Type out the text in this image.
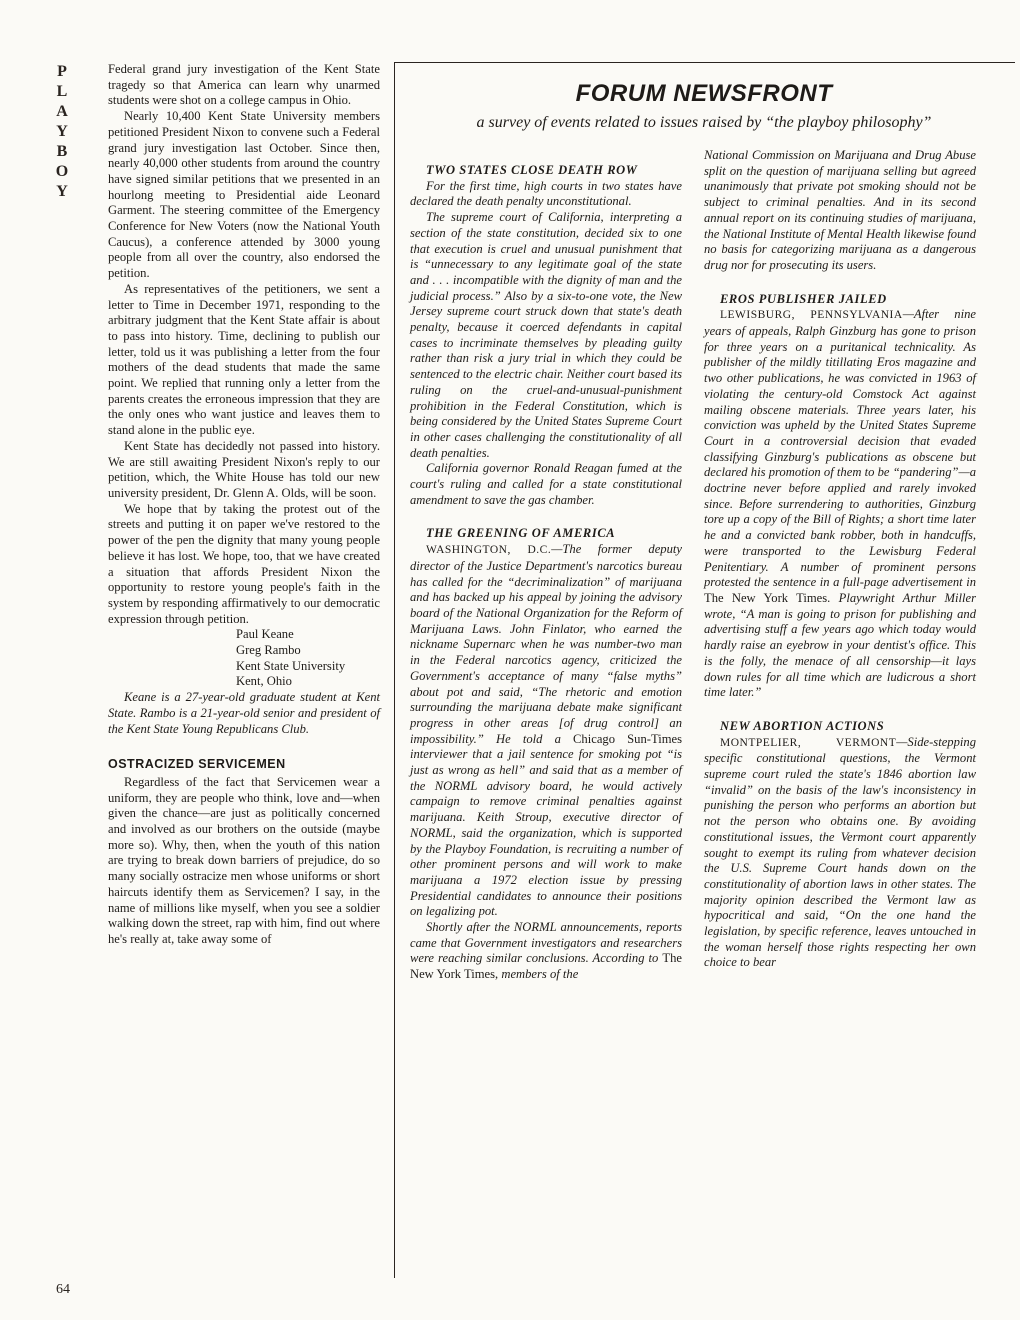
P
L
A
Y
B
O
Y
64

Federal grand jury investigation of the Kent State tragedy so that America can learn why unarmed students were shot on a college campus in Ohio.

Nearly 10,400 Kent State University members petitioned President Nixon to convene such a Federal grand jury investigation last October. Since then, nearly 40,000 other students from around the country have signed similar petitions that we presented in an hourlong meeting to Presidential aide Leonard Garment. The steering committee of the Emergency Conference for New Voters (now the National Youth Caucus), a conference attended by 3000 young people from all over the country, also endorsed the petition.

As representatives of the petitioners, we sent a letter to Time in December 1971, responding to the arbitrary judgment that the Kent State affair is about to pass into history. Time, declining to publish our letter, told us it was publishing a letter from the four mothers of the dead students that made the same point. We replied that running only a letter from the parents creates the erroneous impression that they are the only ones who want justice and leaves them to stand alone in the public eye.

Kent State has decidedly not passed into history. We are still awaiting President Nixon's reply to our petition, which, the White House has told our new university president, Dr. Glenn A. Olds, will be soon.

We hope that by taking the protest out of the streets and putting it on paper we've restored to the power of the pen the dignity that many young people believe it has lost. We hope, too, that we have created a situation that affords President Nixon the opportunity to restore young people's faith in the system by responding affirmatively to our democratic expression through petition.

Paul Keane
Greg Rambo
Kent State University
Kent, Ohio

Keane is a 27-year-old graduate student at Kent State. Rambo is a 21-year-old senior and president of the Kent State Young Republicans Club.

OSTRACIZED SERVICEMEN

Regardless of the fact that Servicemen wear a uniform, they are people who think, love and—when given the chance—are just as politically concerned and involved as our brothers on the outside (maybe more so). Why, then, when the youth of this nation are trying to break down barriers of prejudice, do so many socially ostracize men whose uniforms or short haircuts identify them as Servicemen? I say, in the name of millions like myself, when you see a soldier walking down the street, rap with him, find out where he's really at, take away some of

FORUM NEWSFRONT
a survey of events related to issues raised by “the playboy philosophy”

TWO STATES CLOSE DEATH ROW

For the first time, high courts in two states have declared the death penalty unconstitutional.

The supreme court of California, interpreting a section of the state constitution, decided six to one that execution is cruel and unusual punishment that is “unnecessary to any legitimate goal of the state and . . . incompatible with the dignity of man and the judicial process.” Also by a six-to-one vote, the New Jersey supreme court struck down that state's death penalty, because it coerced defendants in capital cases to incriminate themselves by pleading guilty rather than risk a jury trial in which they could be sentenced to the electric chair. Neither court based its ruling on the cruel-and-unusual-punishment prohibition in the Federal Constitution, which is being considered by the United States Supreme Court in other cases challenging the constitutionality of all death penalties.

California governor Ronald Reagan fumed at the court's ruling and called for a state constitutional amendment to save the gas chamber.

THE GREENING OF AMERICA

WASHINGTON, D.C.—The former deputy director of the Justice Department's narcotics bureau has called for the “decriminalization” of marijuana and has backed up his appeal by joining the advisory board of the National Organization for the Reform of Marijuana Laws. John Finlator, who earned the nickname Supernarc when he was number-two man in the Federal narcotics agency, criticized the Government's acceptance of many “false myths” about pot and said, “The rhetoric and emotion surrounding the marijuana debate make significant progress in other areas [of drug control] an impossibility.” He told a Chicago Sun-Times interviewer that a jail sentence for smoking pot “is just as wrong as hell” and said that as a member of the NORML advisory board, he would actively campaign to remove criminal penalties against marijuana. Keith Stroup, executive director of NORML, said the organization, which is supported by the Playboy Foundation, is recruiting a number of other prominent persons and will work to make marijuana a 1972 election issue by pressing Presidential candidates to announce their positions on legalizing pot.

Shortly after the NORML announcements, reports came that Government investigators and researchers were reaching similar conclusions. According to The New York Times, members of the

National Commission on Marijuana and Drug Abuse split on the question of marijuana selling but agreed unanimously that private pot smoking should not be subject to criminal penalties. And in its second annual report on its continuing studies of marijuana, the National Institute of Mental Health likewise found no basis for categorizing marijuana as a dangerous drug nor for prosecuting its users.

EROS PUBLISHER JAILED

LEWISBURG, PENNSYLVANIA—After nine years of appeals, Ralph Ginzburg has gone to prison for three years on a puritanical technicality. As publisher of the mildly titillating Eros magazine and two other publications, he was convicted in 1963 of violating the century-old Comstock Act against mailing obscene materials. Three years later, his conviction was upheld by the United States Supreme Court in a controversial decision that evaded classifying Ginzburg's publications as obscene but declared his promotion of them to be “pandering”—a doctrine never before applied and rarely invoked since. Before surrendering to authorities, Ginzburg tore up a copy of the Bill of Rights; a short time later he and a convicted bank robber, both in handcuffs, were transported to the Lewisburg Federal Penitentiary. A number of prominent persons protested the sentence in a full-page advertisement in The New York Times. Playwright Arthur Miller wrote, “A man is going to prison for publishing and advertising stuff a few years ago which today would hardly raise an eyebrow in your dentist's office. This is the folly, the menace of all censorship—it lays down rules for all time which are ludicrous a short time later.”

NEW ABORTION ACTIONS

MONTPELIER, VERMONT—Side-stepping specific constitutional questions, the Vermont supreme court ruled the state's 1846 abortion law “invalid” on the basis of the law's inconsistency in punishing the person who performs an abortion but not the person who obtains one. By avoiding constitutional issues, the Vermont court apparently sought to exempt its ruling from whatever decision the U.S. Supreme Court hands down on the constitutionality of abortion laws in other states. The majority opinion described the Vermont law as hypocritical and said, “On the one hand the legislation, by specific reference, leaves untouched in the woman herself those rights respecting her own choice to bear
